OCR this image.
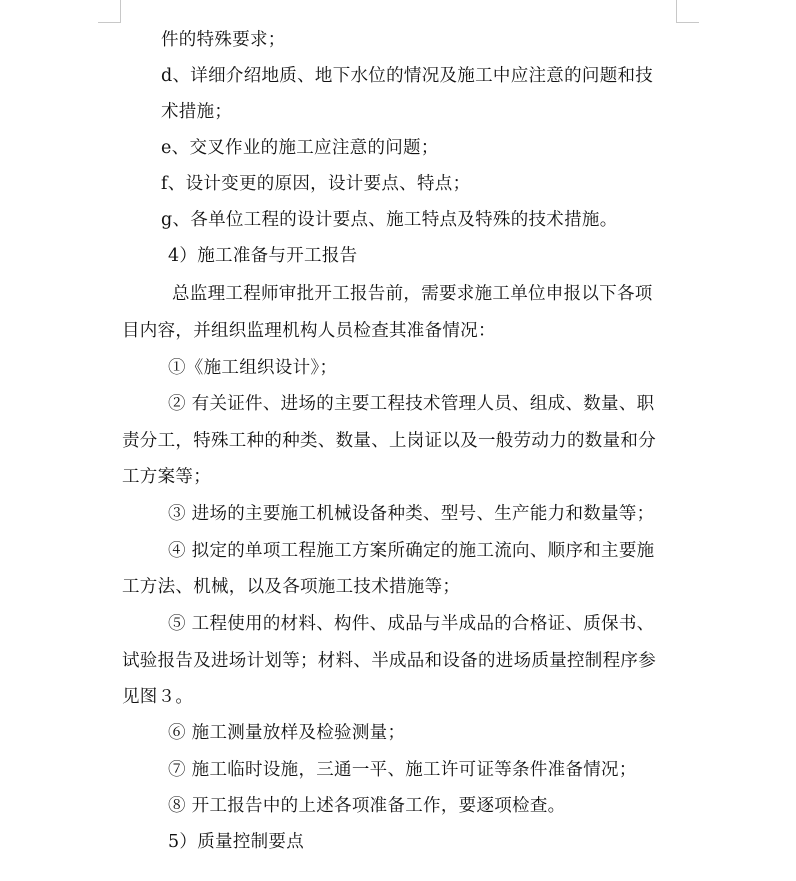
件的特殊要求；
d、详细介绍地质、地下水位的情况及施工中应注意的问题和技
术措施；
e、交叉作业的施工应注意的问题；
f、设计变更的原因，设计要点、特点；
g、各单位工程的设计要点、施工特点及特殊的技术措施。
4）施工准备与开工报告
总监理工程师审批开工报告前，需要求施工单位申报以下各项
目内容，并组织监理机构人员检查其准备情况：
①《施工组织设计》；
② 有关证件、进场的主要工程技术管理人员、组成、数量、职
责分工，特殊工种的种类、数量、上岗证以及一般劳动力的数量和分
工方案等；
③ 进场的主要施工机械设备种类、型号、生产能力和数量等；
④ 拟定的单项工程施工方案所确定的施工流向、顺序和主要施
工方法、机械，以及各项施工技术措施等；
⑤ 工程使用的材料、构件、成品与半成品的合格证、质保书、
试验报告及进场计划等；材料、半成品和设备的进场质量控制程序参
见图３。
⑥ 施工测量放样及检验测量；
⑦ 施工临时设施，三通一平、施工许可证等条件准备情况；
⑧ 开工报告中的上述各项准备工作，要逐项检查。
5）质量控制要点
